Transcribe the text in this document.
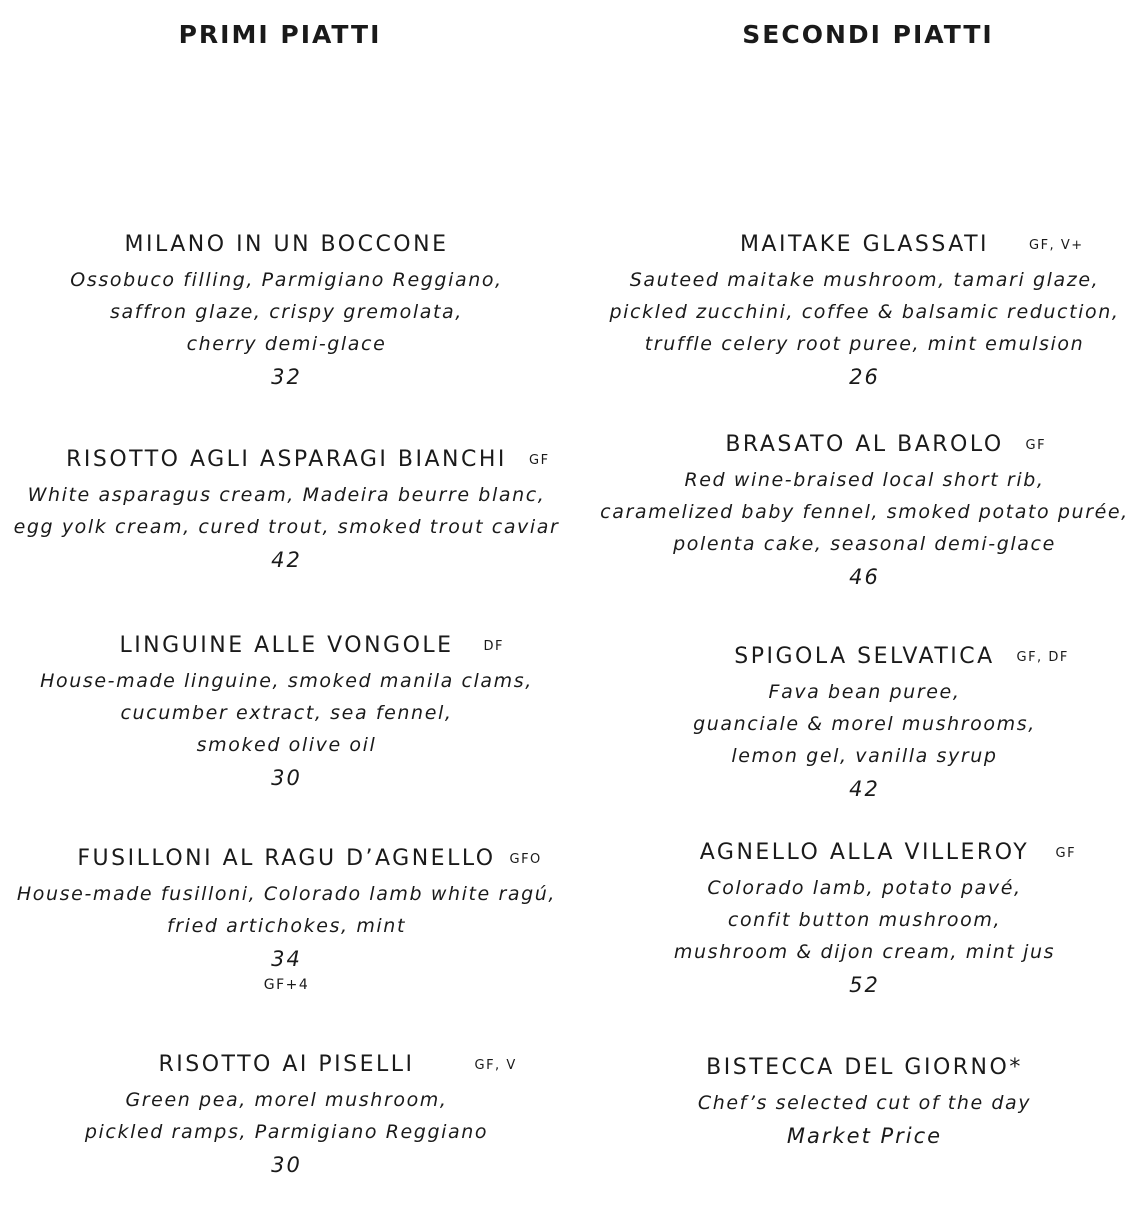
PRIMI PIATTI
MILANO IN UN BOCCONE
Ossobuco filling, Parmigiano Reggiano,
saffron glaze, crispy gremolata,
cherry demi-glace
32
RISOTTO AGLI ASPARAGI BIANCHI GF
White asparagus cream, Madeira beurre blanc,
egg yolk cream, cured trout, smoked trout caviar
42
LINGUINE ALLE VONGOLE DF
House-made linguine, smoked manila clams,
cucumber extract, sea fennel,
smoked olive oil
30
FUSILLONI AL RAGU D’AGNELLO GFO
House-made fusilloni, Colorado lamb white ragú,
fried artichokes, mint
34
GF+4
RISOTTO AI PISELLI	GF, V
Green pea, morel mushroom,
pickled ramps, Parmigiano Reggiano
30
SECONDI PIATTI
MAITAKE GLASSATI	GF, V+
Sauteed maitake mushroom, tamari glaze,
pickled zucchini, coffee & balsamic reduction,
truffle celery root puree, mint emulsion
26
BRASATO AL BAROLO GF
Red wine-braised local short rib,
caramelized baby fennel, smoked potato purée,
polenta cake, seasonal demi-glace
46
SPIGOLA SELVATICA GF, DF
Fava bean puree,
guanciale & morel mushrooms,
lemon gel, vanilla syrup
42
AGNELLO ALLA VILLEROY GF
Colorado lamb, potato pavé,
confit button mushroom,
mushroom & dijon cream, mint jus
52
BISTECCA DEL GIORNO*
Chef’s selected cut of the day
Market Price
